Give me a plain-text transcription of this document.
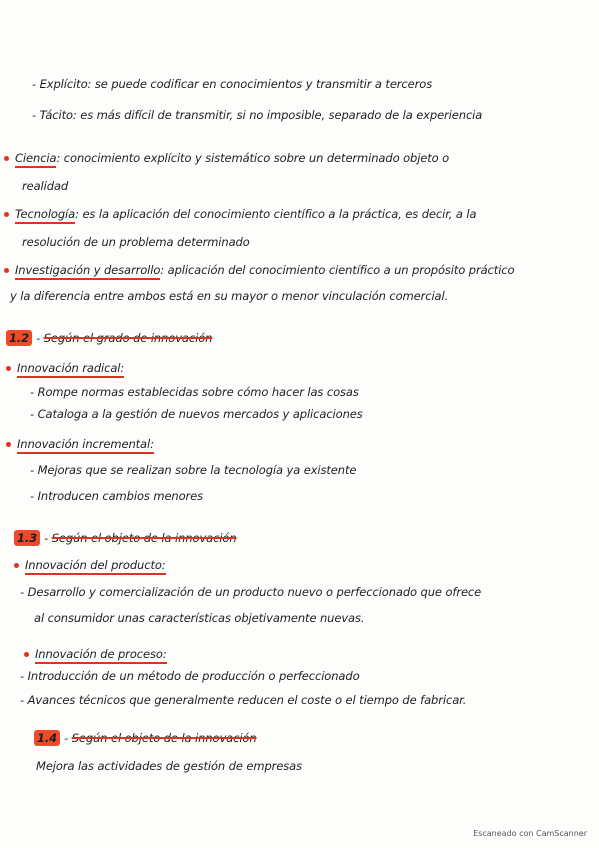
- Explícito: se puede codificar en conocimientos y transmitir a terceros
- Tácito: es más difícil de transmitir, si no imposible, separado de la experiencia
Ciencia: conocimiento explícito y sistemático sobre un determinado objeto o
realidad
Tecnología: es la aplicación del conocimiento científico a la práctica, es decir, a la
resolución de un problema determinado
Investigación y desarrollo: aplicación del conocimiento científico a un propósito práctico
y la diferencia entre ambos está en su mayor o menor vinculación comercial.
1.2 - Según el grado de innovación
Innovación radical:
- Rompe normas establecidas sobre cómo hacer las cosas
- Cataloga a la gestión de nuevos mercados y aplicaciones
Innovación incremental:
- Mejoras que se realizan sobre la tecnología ya existente
- Introducen cambios menores
1.3 - Según el objeto de la innovación
Innovación del producto:
- Desarrollo y comercialización de un producto nuevo o perfeccionado que ofrece
al consumidor unas características objetivamente nuevas.
Innovación de proceso:
- Introducción de un método de producción o perfeccionado
- Avances técnicos que generalmente reducen el coste o el tiempo de fabricar.
1.4 - Según el objeto de la innovación
Mejora las actividades de gestión de empresas
Escaneado con CamScanner
